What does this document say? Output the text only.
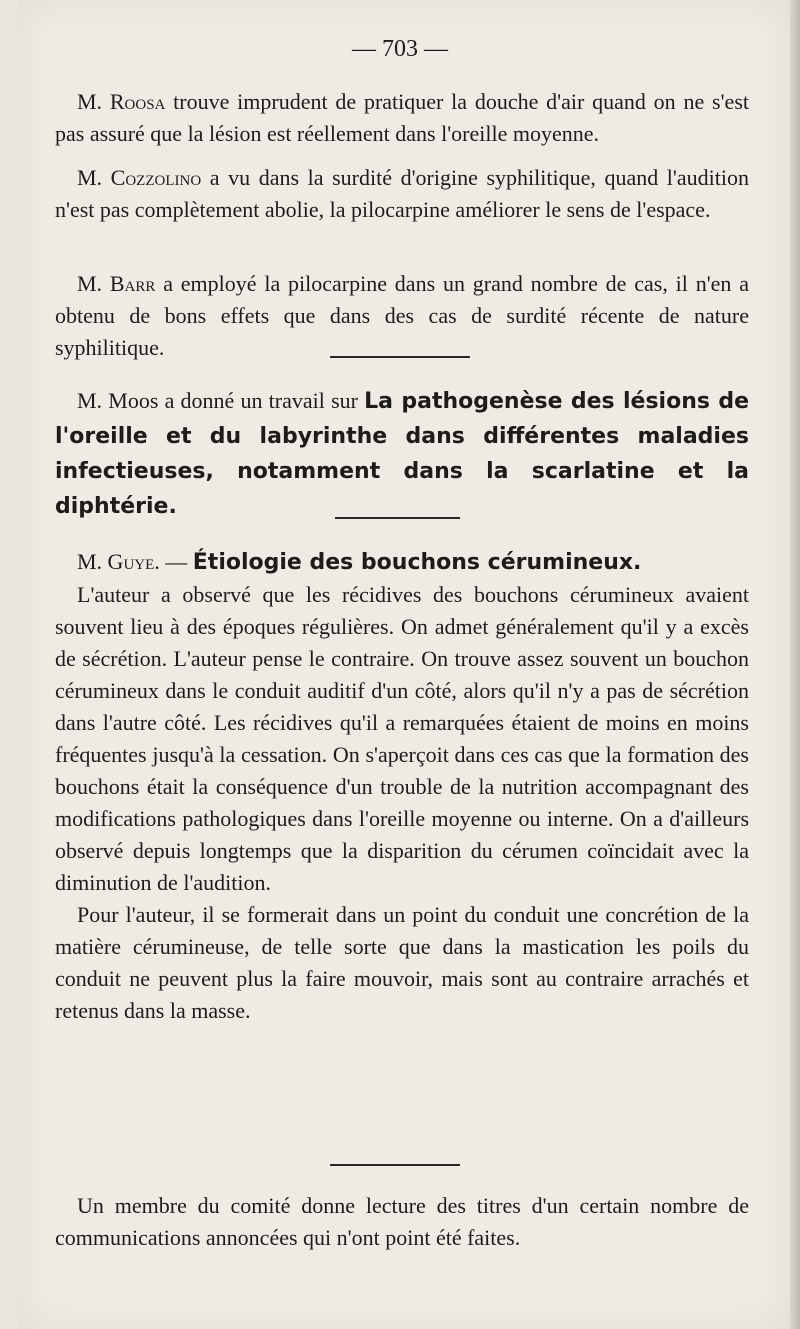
— 703 —

M. Roosa trouve imprudent de pratiquer la douche d'air quand on ne s'est pas assuré que la lésion est réellement dans l'oreille moyenne.

M. Cozzolino a vu dans la surdité d'origine syphilitique, quand l'audition n'est pas complètement abolie, la pilocarpine améliorer le sens de l'espace.

M. Barr a employé la pilocarpine dans un grand nombre de cas, il n'en a obtenu de bons effets que dans des cas de surdité récente de nature syphilitique.

M. Moos a donné un travail sur La pathogenèse des lésions de l'oreille et du labyrinthe dans différentes maladies infectieuses, notamment dans la scarlatine et la diphtérie.

M. Guye. — Étiologie des bouchons cérumineux.

L'auteur a observé que les récidives des bouchons cérumineux avaient souvent lieu à des époques régulières. On admet généralement qu'il y a excès de sécrétion. L'auteur pense le contraire. On trouve assez souvent un bouchon cérumineux dans le conduit auditif d'un côté, alors qu'il n'y a pas de sécrétion dans l'autre côté. Les récidives qu'il a remarquées étaient de moins en moins fréquentes jusqu'à la cessation. On s'aperçoit dans ces cas que la formation des bouchons était la conséquence d'un trouble de la nutrition accompagnant des modifications pathologiques dans l'oreille moyenne ou interne. On a d'ailleurs observé depuis longtemps que la disparition du cérumen coïncidait avec la diminution de l'audition.

Pour l'auteur, il se formerait dans un point du conduit une concrétion de la matière cérumineuse, de telle sorte que dans la mastication les poils du conduit ne peuvent plus la faire mouvoir, mais sont au contraire arrachés et retenus dans la masse.

Un membre du comité donne lecture des titres d'un certain nombre de communications annoncées qui n'ont point été faites.
